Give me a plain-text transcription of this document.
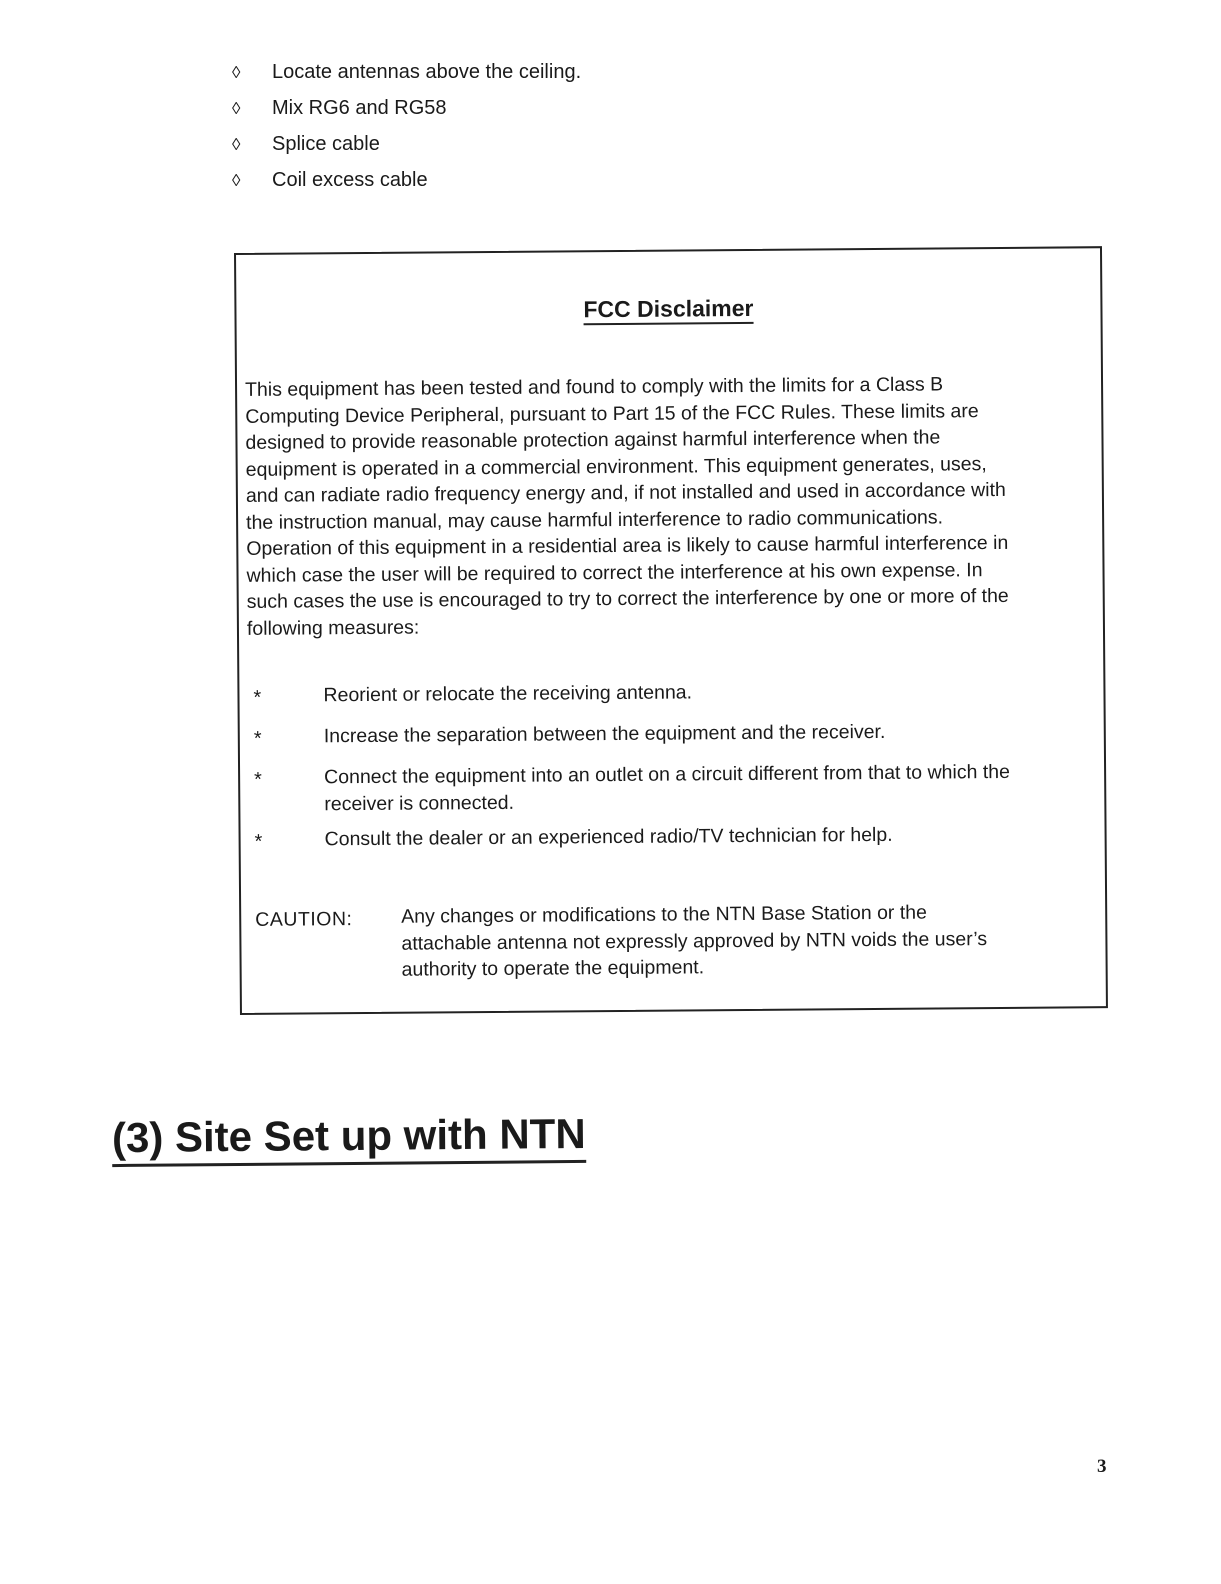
◊ Locate antennas above the ceiling.
◊ Mix RG6 and RG58
◊ Splice cable
◊ Coil excess cable
FCC Disclaimer
This equipment has been tested and found to comply with the limits for a Class B
Computing Device Peripheral, pursuant to Part 15 of the FCC Rules. These limits are
designed to provide reasonable protection against harmful interference when the
equipment is operated in a commercial environment. This equipment generates, uses,
and can radiate radio frequency energy and, if not installed and used in accordance with
the instruction manual, may cause harmful interference to radio communications.
Operation of this equipment in a residential area is likely to cause harmful interference in
which case the user will be required to correct the interference at his own expense. In
such cases the use is encouraged to try to correct the interference by one or more of the
following measures:
*	Reorient or relocate the receiving antenna.
*	Increase the separation between the equipment and the receiver.
*	Connect the equipment into an outlet on a circuit different from that to which the receiver is connected.
*	Consult the dealer or an experienced radio/TV technician for help.
CAUTION: Any changes or modifications to the NTN Base Station or the
attachable antenna not expressly approved by NTN voids the user’s
authority to operate the equipment.
(3) Site Set up with NTN
3
